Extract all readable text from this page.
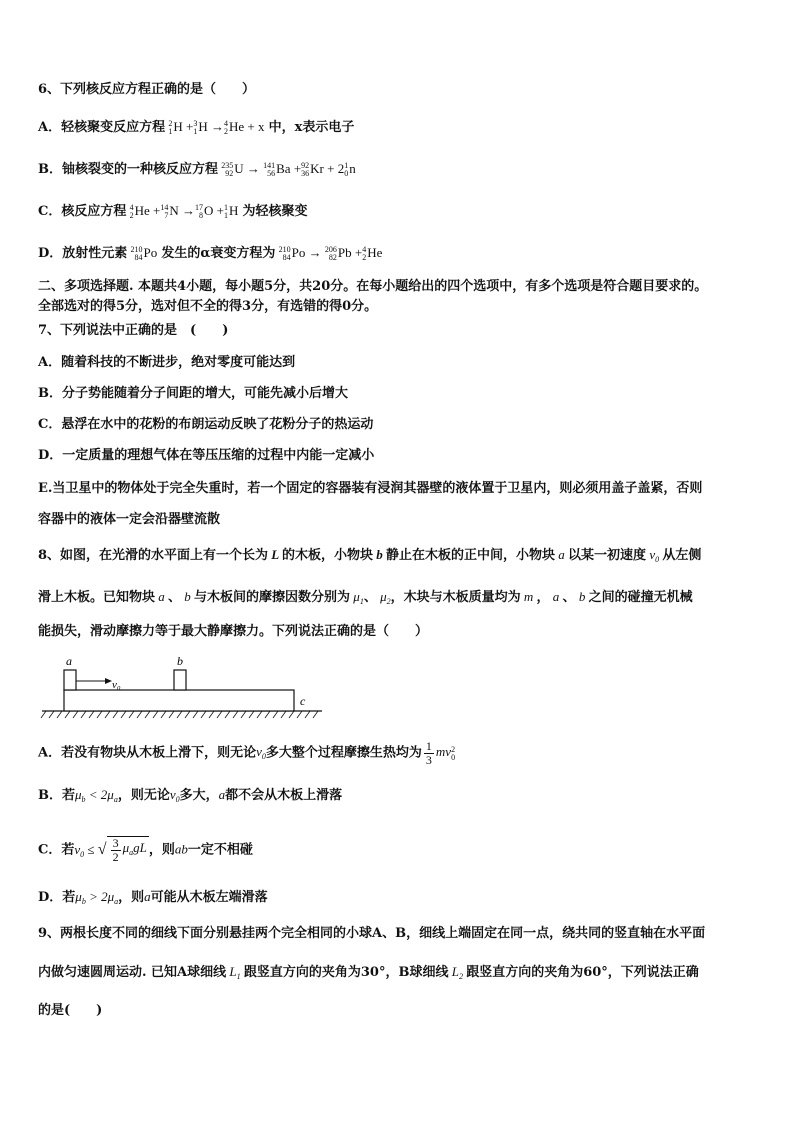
6、下列核反应方程正确的是（　　）
A．轻核聚变反应方程 2
1 H + 3
1 H → 4
2 He + x 中，x表示电子
B．铀核裂变的一种核反应方程 235
92 U → 141
56 Ba + 92
36 Kr + 2 1
0 n
C．核反应方程 4
2 He + 14
7 N → 17
8 O + 1
1 H 为轻核聚变
D．放射性元素 210
84 Po 发生的α衰变方程为 210
84 Po → 206
82 Pb + 4
2 He
二、多项选择题. 本题共4小题，每小题5分，共20分。在每小题给出的四个选项中，有多个选项是符合题目要求的。
全部选对的得5分，选对但不全的得3分，有选错的得0分。
7、下列说法中正确的是　(　　)
A．随着科技的不断进步，绝对零度可能达到
B．分子势能随着分子间距的增大，可能先减小后增大
C．悬浮在水中的花粉的布朗运动反映了花粉分子的热运动
D．一定质量的理想气体在等压压缩的过程中内能一定减小
E.当卫星中的物体处于完全失重时，若一个固定的容器装有浸润其器壁的液体置于卫星内，则必须用盖子盖紧，否则
容器中的液体一定会沿器壁流散
8、如图，在光滑的水平面上有一个长为 L 的木板，小物块 b 静止在木板的正中间，小物块 a 以某一初速度 $v_0$ 从左侧
滑上木板。已知物块 a 、 b 与木板间的摩擦因数分别为 $\mu_1$、 $\mu_2$，木块与木板质量均为 m ， a 、 b 之间的碰撞无机械
能损失，滑动摩擦力等于最大静摩擦力。下列说法正确的是（　　）
a	b
c
v₀
A．若没有物块从木板上滑下，则无论$v_0$多大整个过程摩擦生热均为 $\frac{1}{3}$ mv 2
0
B．若$\mu_b < 2\mu_a$，则无论$v_0$多大，a都不会从木板上滑落
C．若$v_0$ ≤ √ $\frac{3}{2} \mu_agL$ ，则ab一定不相碰
D．若$\mu_b > 2\mu_a$，则a可能从木板左端滑落
9、两根长度不同的细线下面分别悬挂两个完全相同的小球A、B，细线上端固定在同一点，绕共同的竖直轴在水平面
内做匀速圆周运动. 已知A球细线 $L_1$ 跟竖直方向的夹角为30°，B球细线 $L_2$ 跟竖直方向的夹角为60°，下列说法正确
的是(　　)
